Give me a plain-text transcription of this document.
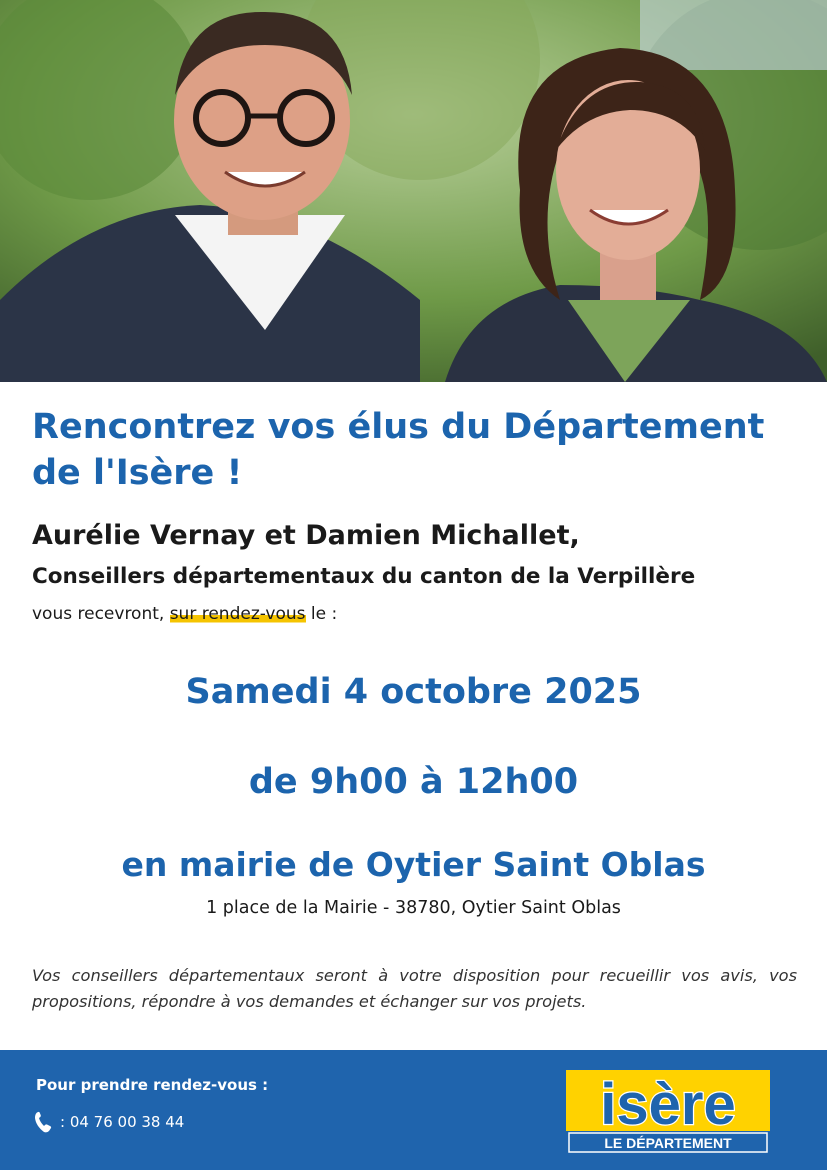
Rencontrez vos élus du Département de l'Isère !

Aurélie Vernay et Damien Michallet,

Conseillers départementaux du canton de la Verpillère

vous recevront, sur rendez-vous le :

Samedi 4 octobre 2025

de 9h00 à 12h00

en mairie de Oytier Saint Oblas

1 place de la Mairie - 38780, Oytier Saint Oblas

Vos conseillers départementaux seront à votre disposition pour recueillir vos avis, vos propositions, répondre à vos demandes et échanger sur vos projets.

Pour prendre rendez-vous :

: 04 76 00 38 44	isère
LE DÉPARTEMENT
